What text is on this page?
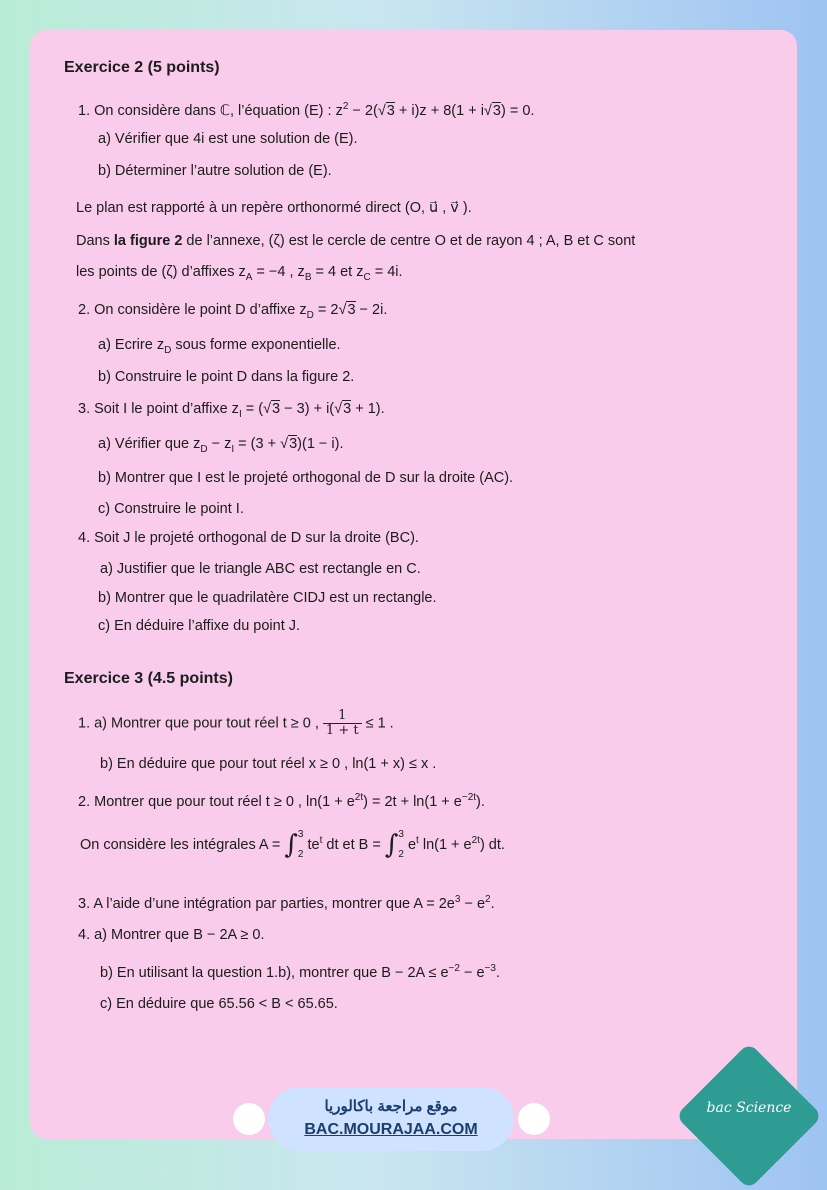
Exercice 2 (5 points)
1. On considère dans ℂ, l’équation (E) : $z^2 - 2(√3 + i)z + 8(1 + i√3) = 0$.
a) Vérifier que 4i est une solution de (E).
b) Déterminer l’autre solution de (E).
Le plan est rapporté à un repère orthonormé direct (O, u⃗ , v⃗ ).
Dans la figure 2 de l’annexe, (ζ) est le cercle de centre O et de rayon 4 ; A, B et C sont
les points de (ζ) d’affixes $z_A = -4$ , $z_B = 4$ et $z_C = 4i$.
2. On considère le point D d’affixe $z_D = 2√3 - 2i$.
a) Ecrire $z_D$ sous forme exponentielle.
b) Construire le point D dans la figure 2.
3. Soit I le point d’affixe $z_I = (√3 - 3) + i(√3 + 1)$.
a) Vérifier que $z_D - z_I = (3 + √3)(1 - i)$.
b) Montrer que I est le projeté orthogonal de D sur la droite (AC).
c) Construire le point I.
4. Soit J le projeté orthogonal de D sur la droite (BC).
a) Justifier que le triangle ABC est rectangle en C.
b) Montrer que le quadrilatère CIDJ est un rectangle.
c) En déduire l’affixe du point J.
Exercice 3 (4.5 points)
1. a) Montrer que pour tout réel t ≥ 0 , $\frac{1}{1 + t} \le 1$ .
b) En déduire que pour tout réel x ≥ 0 , ln(1 + x) ≤ x .
2. Montrer que pour tout réel t ≥ 0 , $\ln(1 + e^{2t}) = 2t + \ln(1 + e^{-2t})$.
On considère les intégrales A = ∫3

2 $te^t$ dt et B = ∫3

2 $e^t$ $\ln(1 + e^{2t})$ dt.
3. A l’aide d’une intégration par parties, montrer que $A = 2e^3 - e^2$.
4. a) Montrer que B − 2A ≥ 0.
b) En utilisant la question 1.b), montrer que $B - 2A \le e^{-2} - e^{-3}$.
c) En déduire que 65.56 < B < 65.65.
موقع مراجعة باكالوريا
BAC.MOURAJAA.COM
bac Science
